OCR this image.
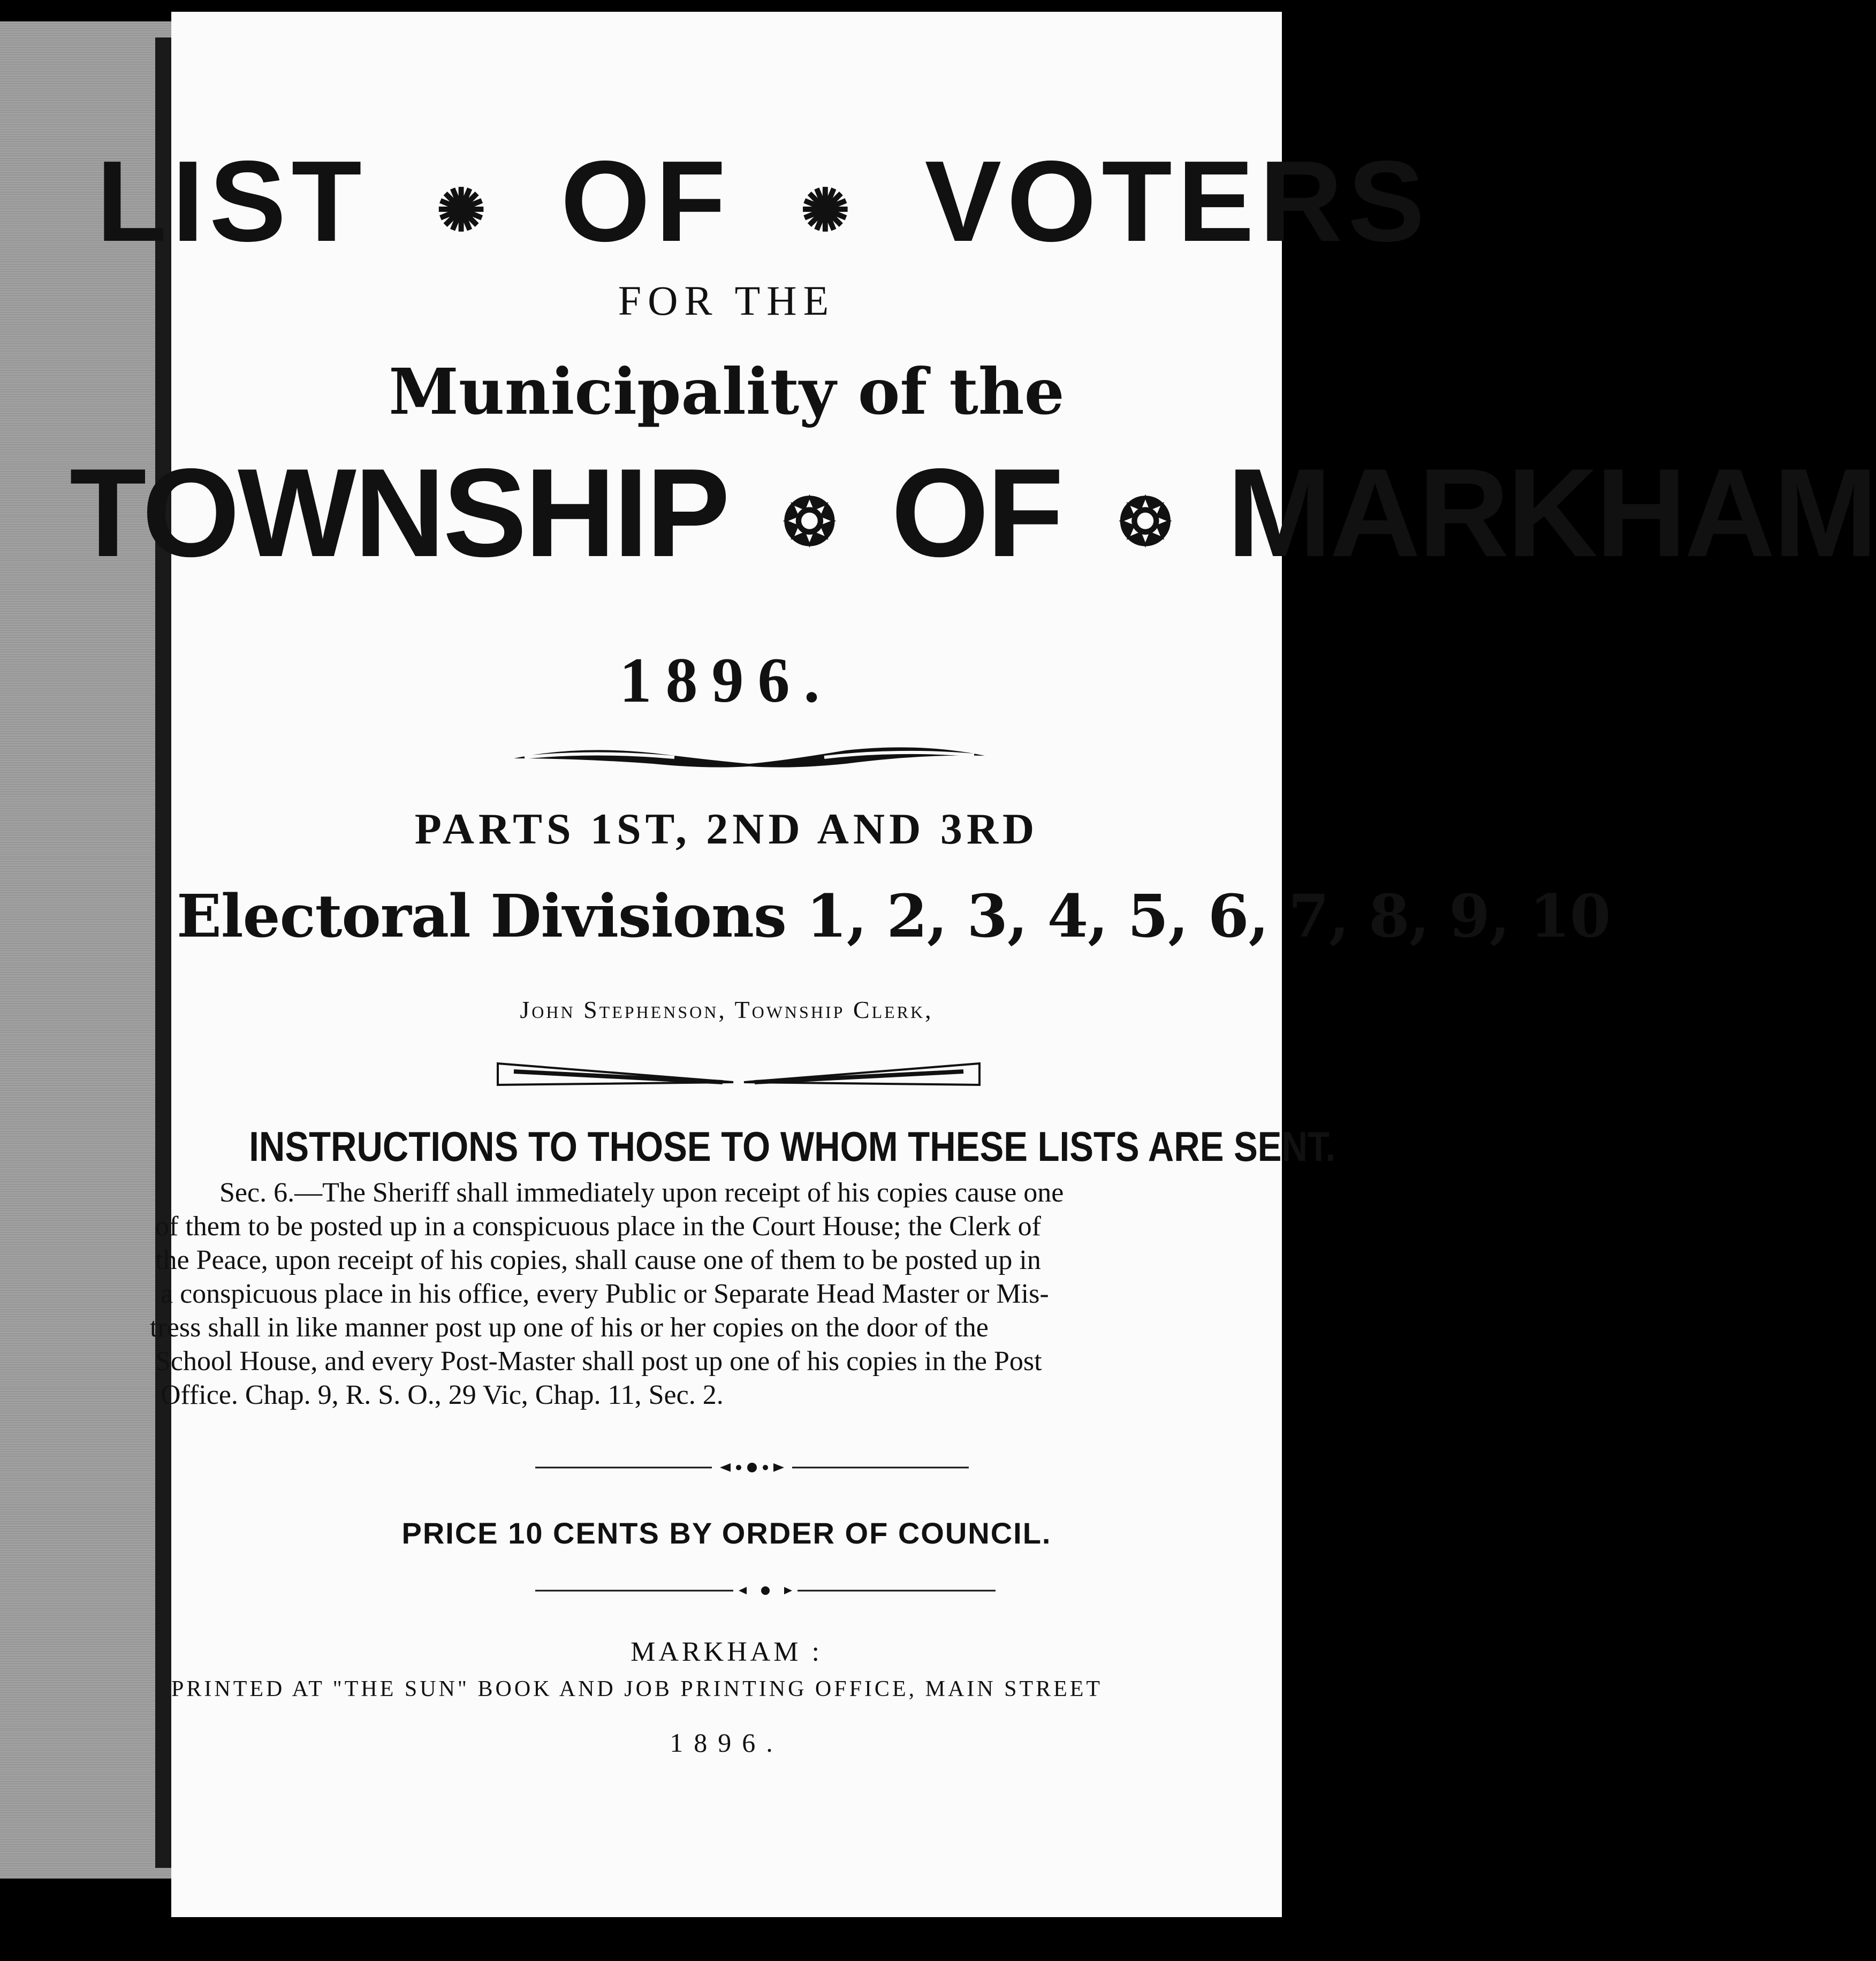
LIST ✺ OF ✺ VOTERS
FOR THE
Municipality of the
TOWNSHIP ❂ OF ❂ MARKHAM
1896.
PARTS 1ST, 2ND AND 3RD
Electoral Divisions 1, 2, 3, 4, 5, 6, 7, 8, 9, 10
John Stephenson, Township Clerk,
INSTRUCTIONS TO THOSE TO WHOM THESE LISTS ARE SENT.

Sec. 6.—The Sheriff shall immediately upon receipt of his copies cause one

of them to be posted up in a conspicuous place in the Court House; the Clerk of

the Peace, upon receipt of his copies, shall cause one of them to be posted up in

a conspicuous place in his office, every Public or Separate Head Master or Mis-

tress shall in like manner post up one of his or her copies on the door of the

School House, and every Post-Master shall post up one of his copies in the Post

Office. Chap. 9, R. S. O., 29 Vic, Chap. 11, Sec. 2.

PRICE 10 CENTS BY ORDER OF COUNCIL.
MARKHAM :
PRINTED AT "THE SUN" BOOK AND JOB PRINTING OFFICE, MAIN STREET
1896.
